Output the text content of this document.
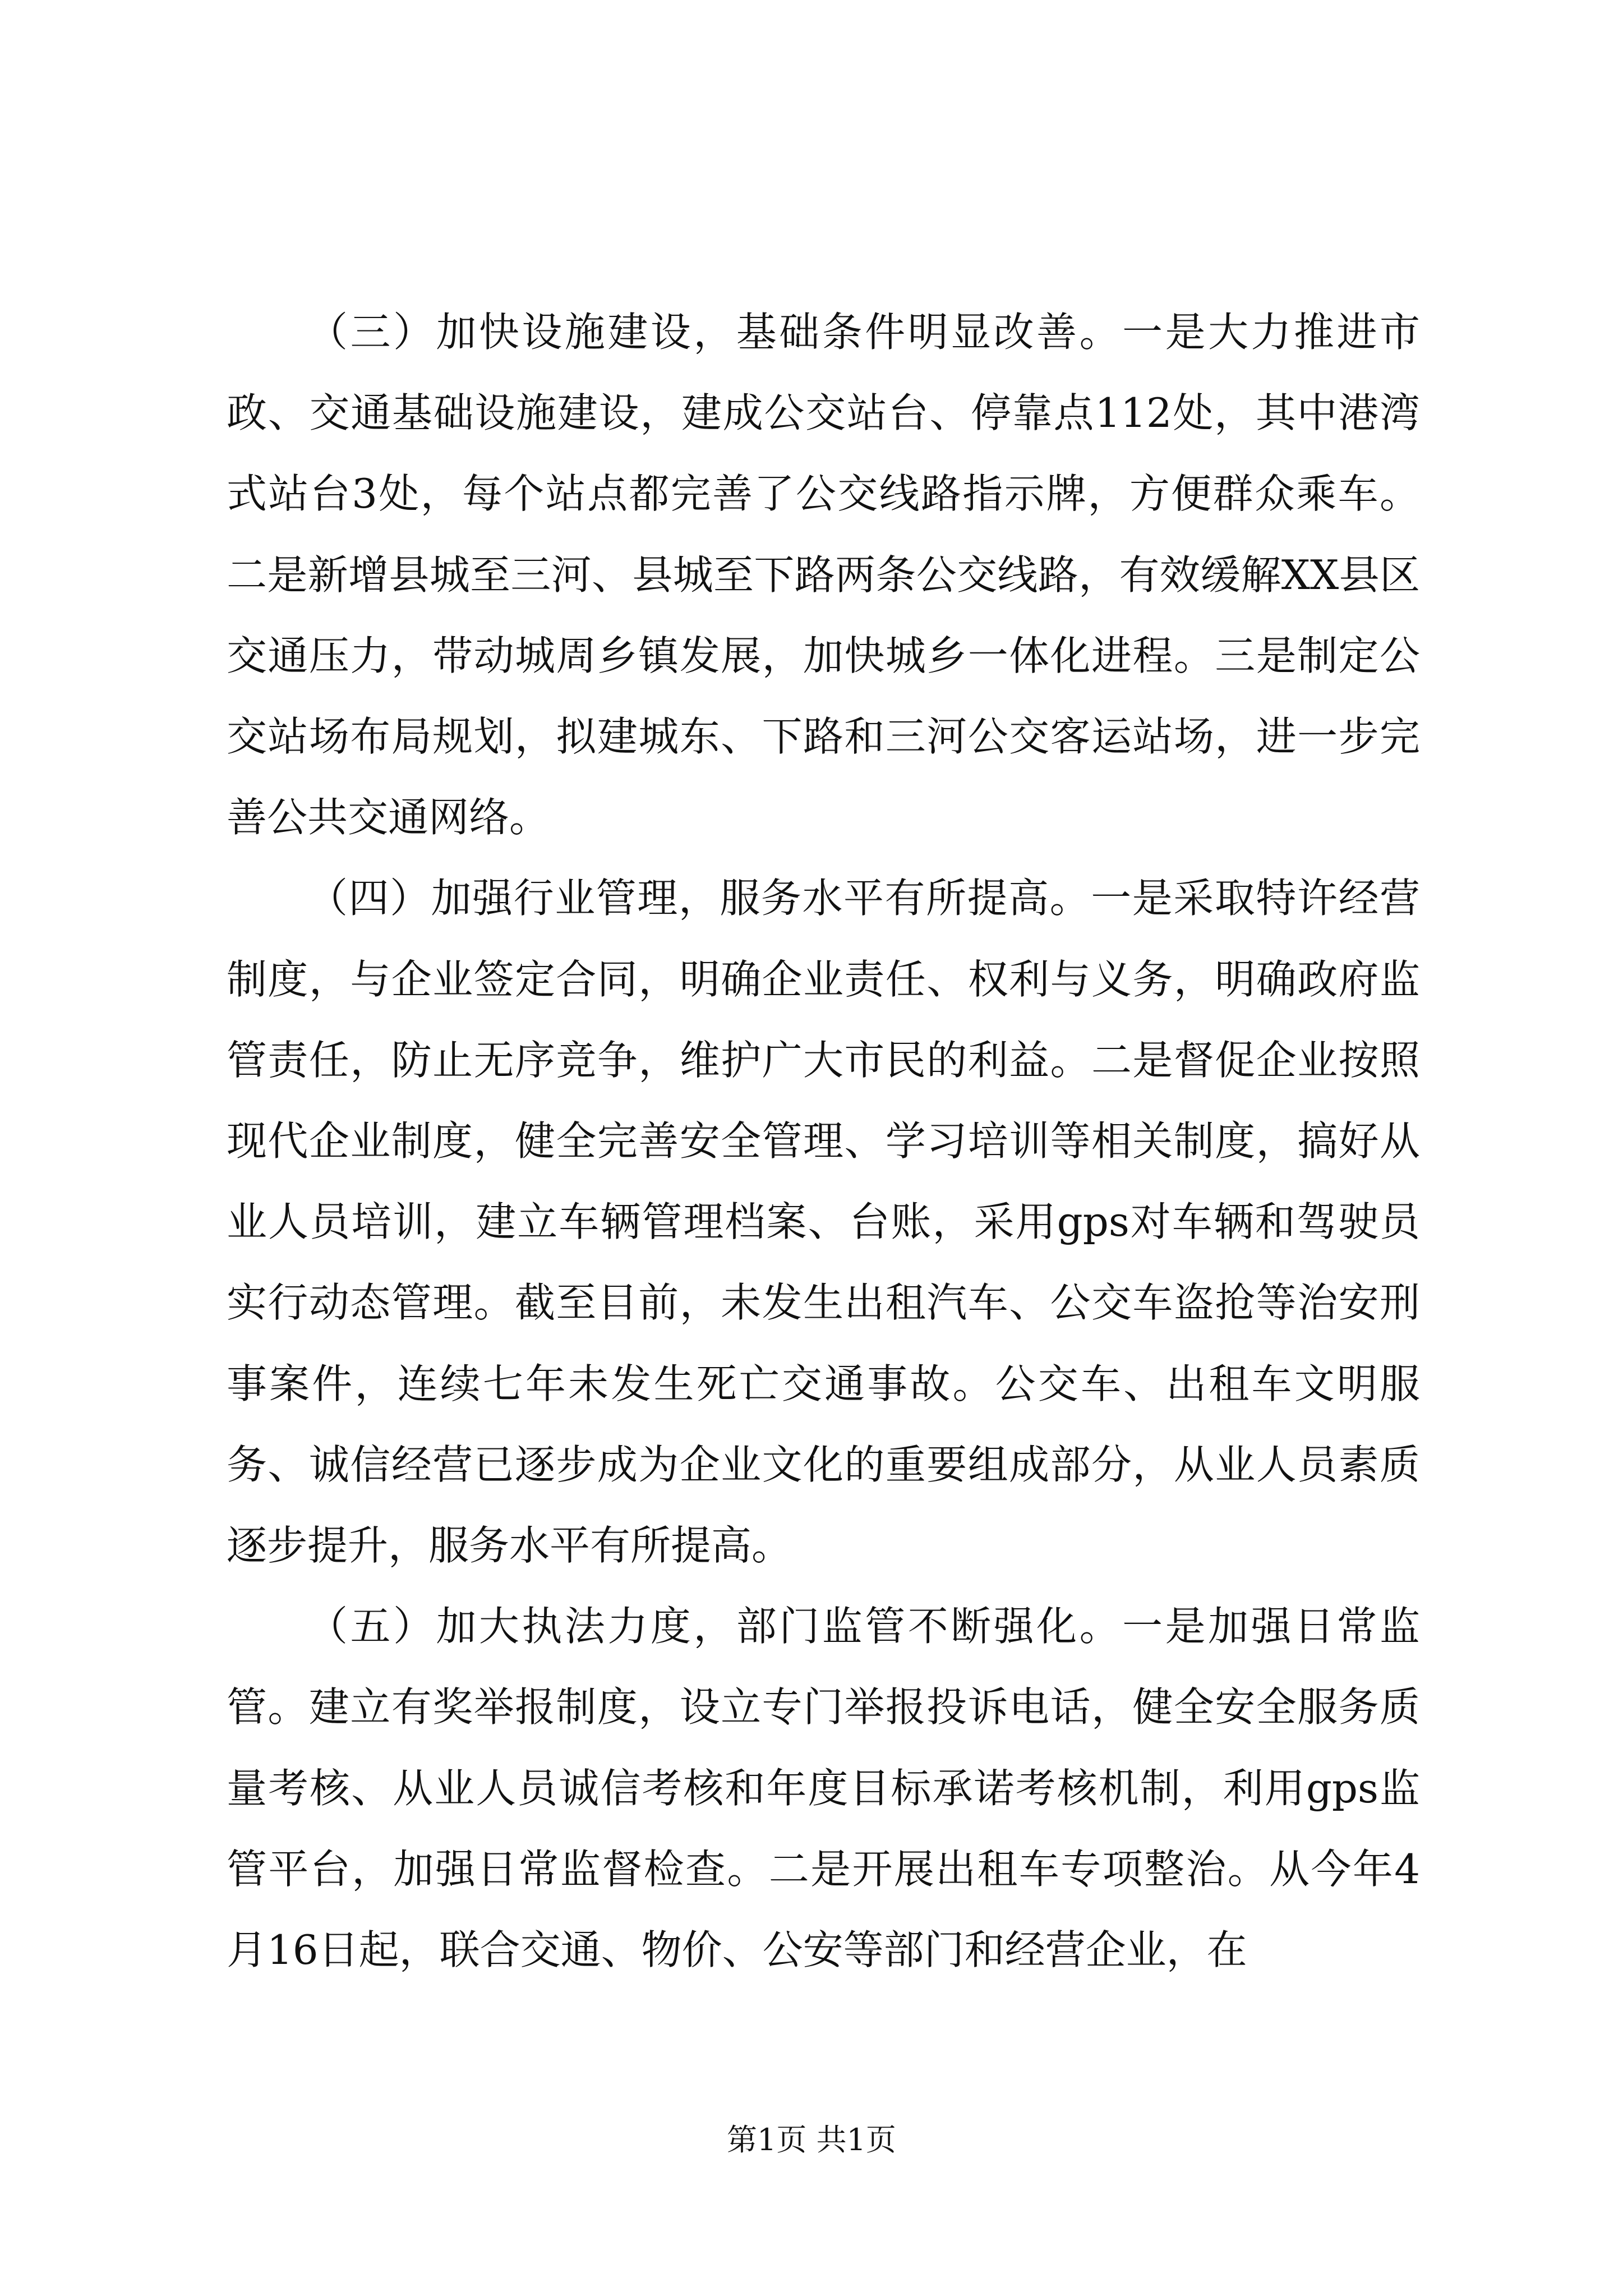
（三）加快设施建设，基础条件明显改善。一是大力推进市政、交通基础设施建设，建成公交站台、停靠点112处，其中港湾式站台3处，每个站点都完善了公交线路指示牌，方便群众乘车。二是新增县城至三河、县城至下路两条公交线路，有效缓解XX县区交通压力，带动城周乡镇发展，加快城乡一体化进程。三是制定公交站场布局规划，拟建城东、下路和三河公交客运站场，进一步完善公共交通网络。

（四）加强行业管理，服务水平有所提高。一是采取特许经营制度，与企业签定合同，明确企业责任、权利与义务，明确政府监管责任，防止无序竞争，维护广大市民的利益。二是督促企业按照现代企业制度，健全完善安全管理、学习培训等相关制度，搞好从业人员培训，建立车辆管理档案、台账，采用gps对车辆和驾驶员实行动态管理。截至目前，未发生出租汽车、公交车盗抢等治安刑事案件，连续七年未发生死亡交通事故。公交车、出租车文明服务、诚信经营已逐步成为企业文化的重要组成部分，从业人员素质逐步提升，服务水平有所提高。

（五）加大执法力度，部门监管不断强化。一是加强日常监管。建立有奖举报制度，设立专门举报投诉电话，健全安全服务质量考核、从业人员诚信考核和年度目标承诺考核机制，利用gps监管平台，加强日常监督检查。二是开展出租车专项整治。从今年4月16日起，联合交通、物价、公安等部门和经营企业，在

第1页 共1页
